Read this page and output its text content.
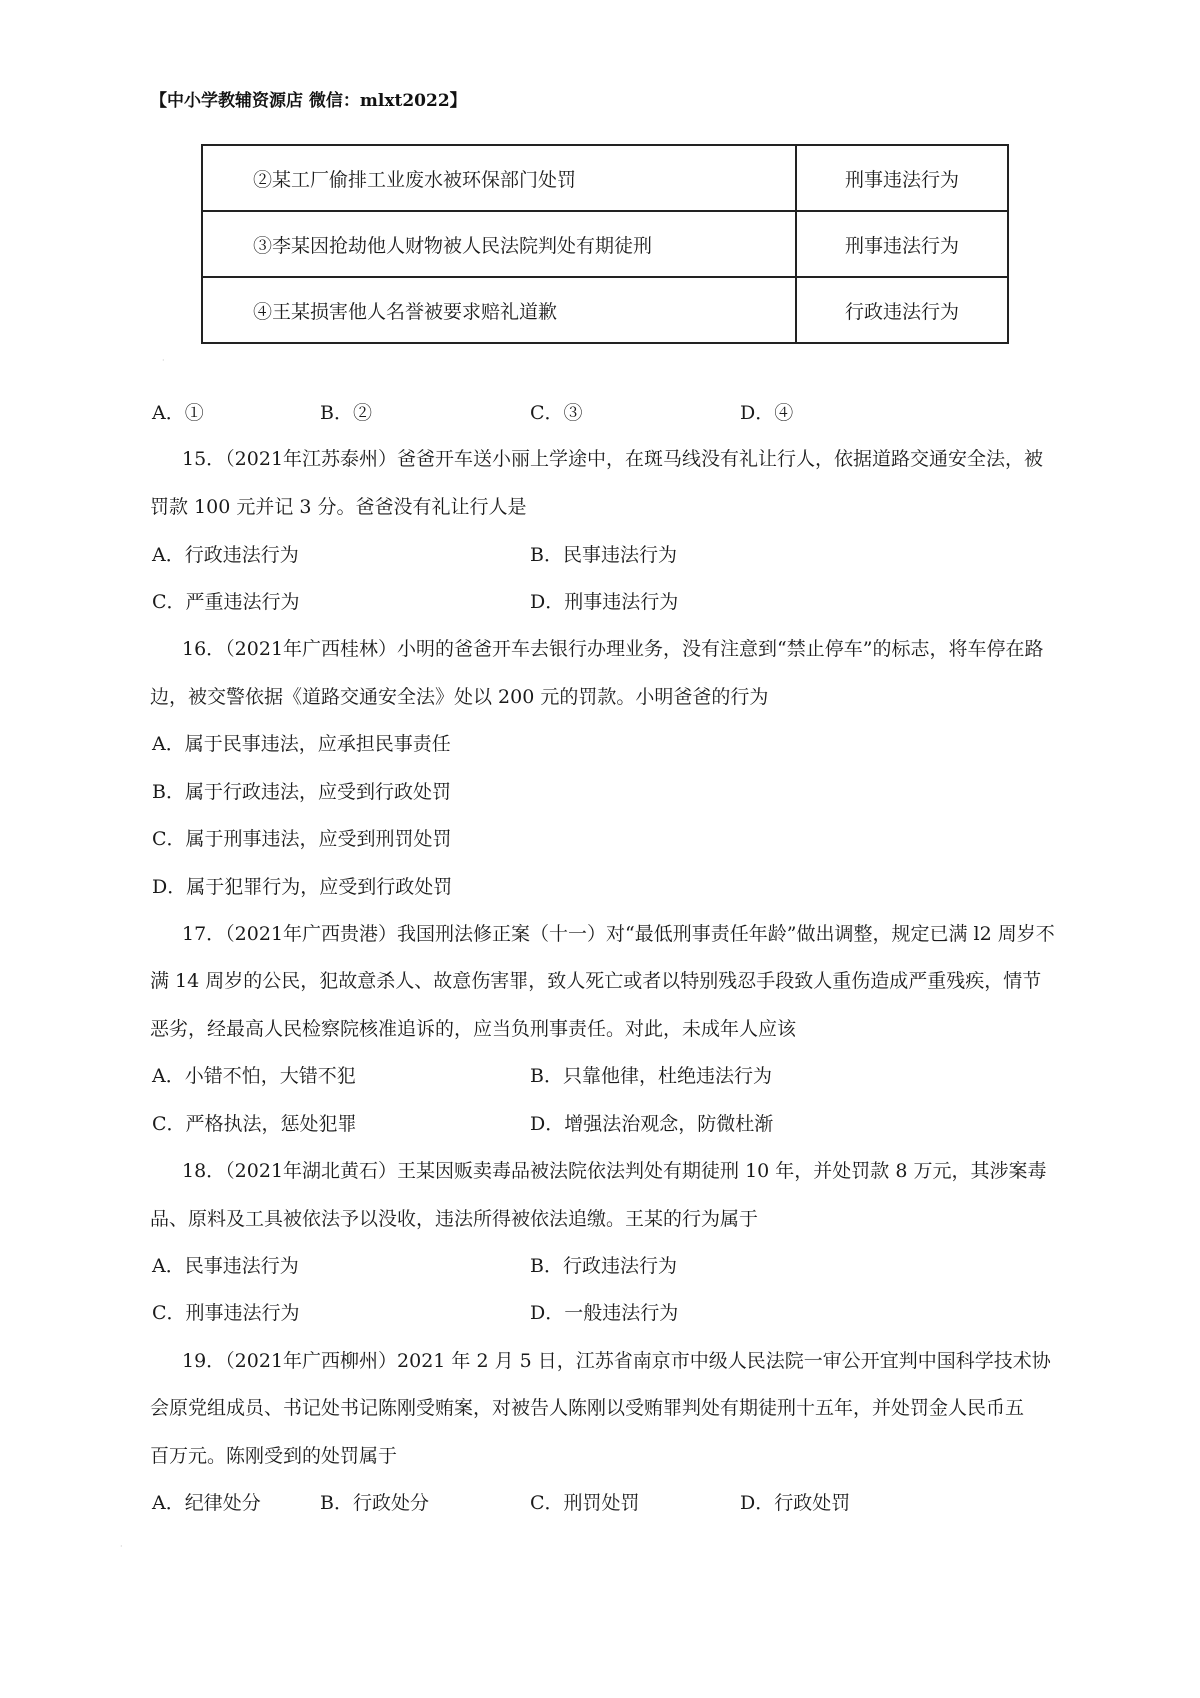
【中小学教辅资源店 微信：mlxt2022】
②某工厂偷排工业废水被环保部门处罚	刑事违法行为
③李某因抢劫他人财物被人民法院判处有期徒刑	刑事违法行为
④王某损害他人名誉被要求赔礼道歉	行政违法行为
·
A．①	B．②	C．③	D．④
15．（2021年江苏泰州）爸爸开车送小丽上学途中，在斑马线没有礼让行人，依据道路交通安全法，被
罚款 100 元并记 3 分。爸爸没有礼让行人是
A．行政违法行为	B．民事违法行为
C．严重违法行为	D．刑事违法行为
16．（2021年广西桂林）小明的爸爸开车去银行办理业务，没有注意到“禁止停车”的标志，将车停在路
边，被交警依据《道路交通安全法》处以 200 元的罚款。小明爸爸的行为
A．属于民事违法，应承担民事责任
B．属于行政违法，应受到行政处罚
C．属于刑事违法，应受到刑罚处罚
D．属于犯罪行为，应受到行政处罚
17．（2021年广西贵港）我国刑法修正案（十一）对“最低刑事责任年龄”做出调整，规定已满 l2 周岁不
满 14 周岁的公民，犯故意杀人、故意伤害罪，致人死亡或者以特别残忍手段致人重伤造成严重残疾，情节
恶劣，经最高人民检察院核准追诉的，应当负刑事责任。对此，未成年人应该
A．小错不怕，大错不犯	B．只靠他律，杜绝违法行为
C．严格执法，惩处犯罪	D．增强法治观念，防微杜渐
18．（2021年湖北黄石）王某因贩卖毒品被法院依法判处有期徒刑 10 年，并处罚款 8 万元，其涉案毒
品、原料及工具被依法予以没收，违法所得被依法追缴。王某的行为属于
A．民事违法行为	B．行政违法行为
C．刑事违法行为	D．一般违法行为
19．（2021年广西柳州）2021 年 2 月 5 日，江苏省南京市中级人民法院一审公开宜判中国科学技术协
会原党组成员、书记处书记陈刚受贿案，对被告人陈刚以受贿罪判处有期徒刑十五年，并处罚金人民币五
百万元。陈刚受到的处罚属于
A．纪律处分	B．行政处分	C．刑罚处罚	D．行政处罚
·
